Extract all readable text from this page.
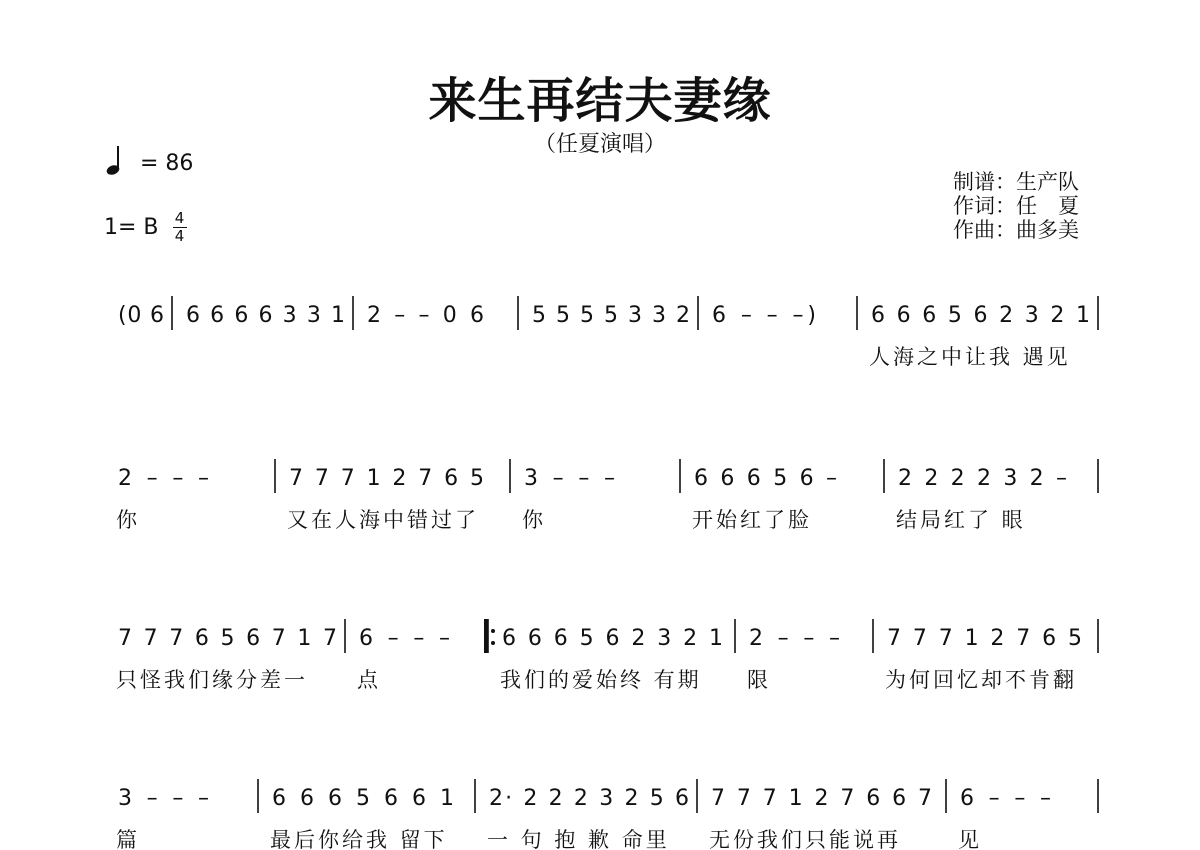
来生再结夫妻缘
（任夏演唱）
= 86
1= B 4
4
制谱：生产队
作词：任　夏
作曲：曲多美
(0 6 6 6 6 6 3 3 1 2 – – 0 6 5 5 5 5 3 3 2 6 – – –)	6 6 6 5 6 2 3 2 1
人海之中让我 遇见
2 – – –
你
7 7 7 1 2 7 6 5
又在人海中错过了
3 – – –
你
6 6 6 5 6 –
开始红了脸
2 2 2 2 3 2 –
结局红了 眼
7 7 7 6 5 6 7 1 7
只怪我们缘分差一
6 – – –
点
6 6 6 5 6 2 3 2 1
我们的爱始终 有期
2 – – –
限
7 7 7 1 2 7 6 5
为何回忆却不肯翻
3 – – –
篇
6 6 6 5 6 6 1
最后你给我 留下
2· 2 2 2 3 2 5 6
一 句 抱 歉 命里
7 7 7 1 2 7 6 6 7
无份我们只能说再
6 – – –
见
